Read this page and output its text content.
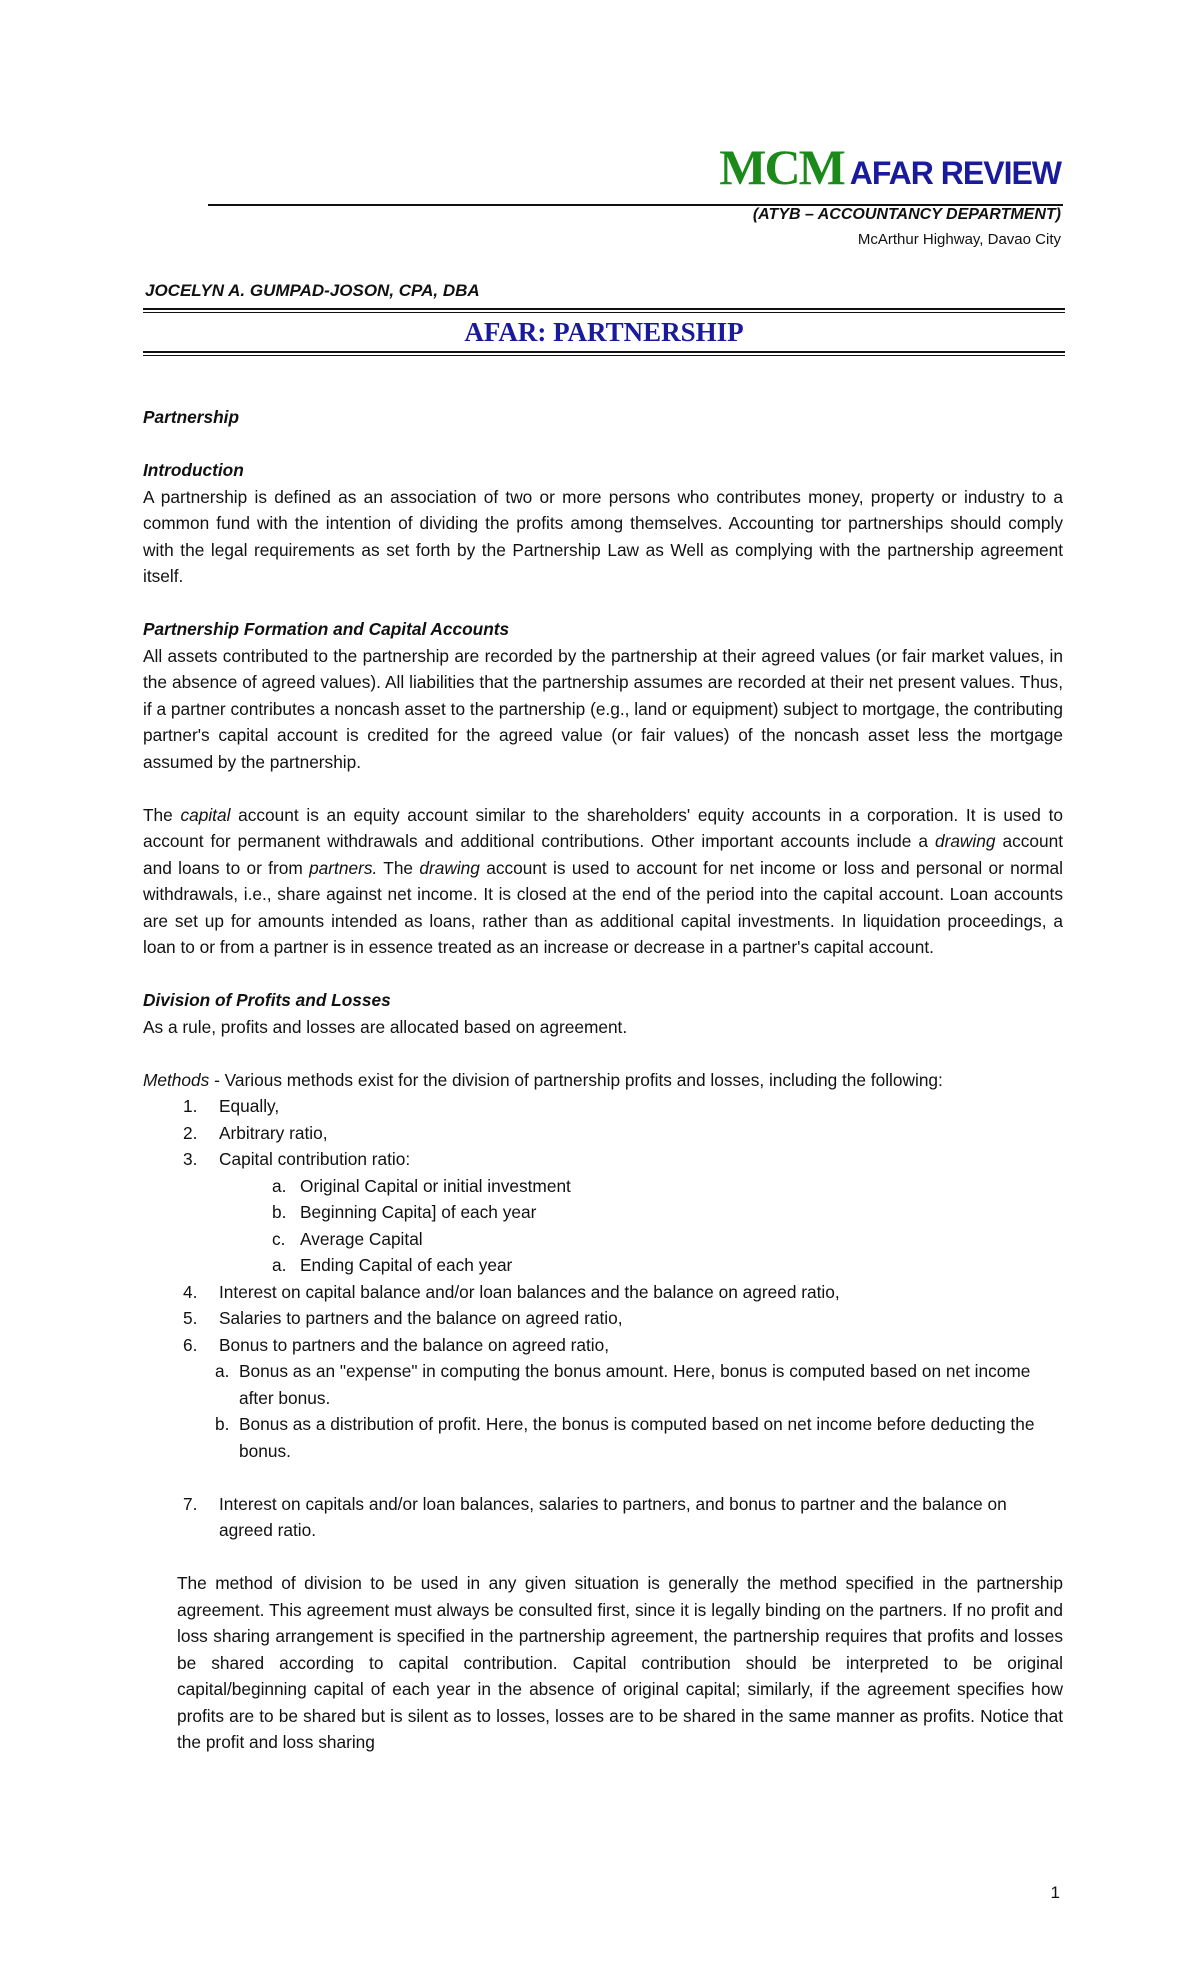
MCM AFAR REVIEW
(ATYB – ACCOUNTANCY DEPARTMENT)
McArthur Highway, Davao City
JOCELYN A. GUMPAD-JOSON, CPA, DBA
AFAR: PARTNERSHIP
Partnership
Introduction
A partnership is defined as an association of two or more persons who contributes money, property or industry to a common fund with the intention of dividing the profits among themselves. Accounting tor partnerships should comply with the legal requirements as set forth by the Partnership Law as Well as complying with the partnership agreement itself.
Partnership Formation and Capital Accounts
All assets contributed to the partnership are recorded by the partnership at their agreed values (or fair market values, in the absence of agreed values). All liabilities that the partnership assumes are recorded at their net present values. Thus, if a partner contributes a noncash asset to the partnership (e.g., land or equipment) subject to mortgage, the contributing partner's capital account is credited for the agreed value (or fair values) of the noncash asset less the mortgage assumed by the partnership.
The capital account is an equity account similar to the shareholders' equity accounts in a corporation. It is used to account for permanent withdrawals and additional contributions. Other important accounts include a drawing account and loans to or from partners. The drawing account is used to account for net income or loss and personal or normal withdrawals, i.e., share against net income. It is closed at the end of the period into the capital account. Loan accounts are set up for amounts intended as loans, rather than as additional capital investments. In liquidation proceedings, a loan to or from a partner is in essence treated as an increase or decrease in a partner's capital account.
Division of Profits and Losses
As a rule, profits and losses are allocated based on agreement.
Methods - Various methods exist for the division of partnership profits and losses, including the following:
1.	Equally,
2.	Arbitrary ratio,
3.	Capital contribution ratio:
a. Original Capital or initial investment
b. Beginning Capita] of each year
c. Average Capital
a. Ending Capital of each year
4.	Interest on capital balance and/or loan balances and the balance on agreed ratio,
5.	Salaries to partners and the balance on agreed ratio,
6.	Bonus to partners and the balance on agreed ratio,
a. Bonus as an "expense" in computing the bonus amount. Here, bonus is computed based on net income after bonus.
b. Bonus as a distribution of profit. Here, the bonus is computed based on net income before deducting the bonus.
7.	Interest on capitals and/or loan balances, salaries to partners, and bonus to partner and the balance on agreed ratio.
The method of division to be used in any given situation is generally the method specified in the partnership agreement. This agreement must always be consulted first, since it is legally binding on the partners. If no profit and loss sharing arrangement is specified in the partnership agreement, the partnership requires that profits and losses be shared according to capital contribution. Capital contribution should be interpreted to be original capital/beginning capital of each year in the absence of original capital; similarly, if the agreement specifies how profits are to be shared but is silent as to losses, losses are to be shared in the same manner as profits. Notice that the profit and loss sharing
1
